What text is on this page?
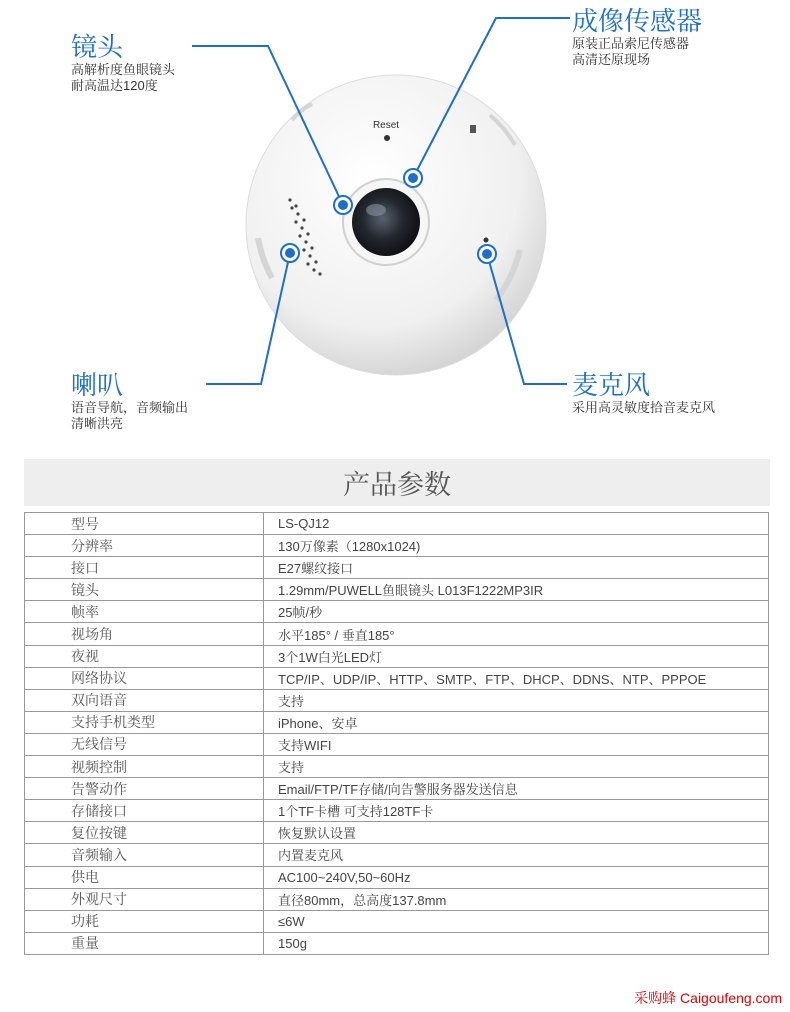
Reset
镜头
高解析度鱼眼镜头
耐高温达120度
成像传感器
原装正品索尼传感器
高清还原现场
喇叭
语音导航，音频输出
清晰洪亮
麦克风
采用高灵敏度拾音麦克风
产品参数
型号	LS-QJ12
分辨率	130万像素（1280x1024)
接口	E27螺纹接口
镜头	1.29mm/PUWELL鱼眼镜头 L013F1222MP3IR
帧率	25帧/秒
视场角	水平185° / 垂直185°
夜视	3个1W白光LED灯
网络协议	TCP/IP、UDP/IP、HTTP、SMTP、FTP、DHCP、DDNS、NTP、PPPOE
双向语音	支持
支持手机类型	iPhone、安卓
无线信号	支持WIFI
视频控制	支持
告警动作	Email/FTP/TF存储/向告警服务器发送信息
存储接口	1个TF卡槽 可支持128TF卡
复位按键	恢复默认设置
音频输入	内置麦克风
供电	AC100~240V,50~60Hz
外观尺寸	直径80mm，总高度137.8mm
功耗	≤6W
重量	150g
采购蜂 Caigoufeng.com
